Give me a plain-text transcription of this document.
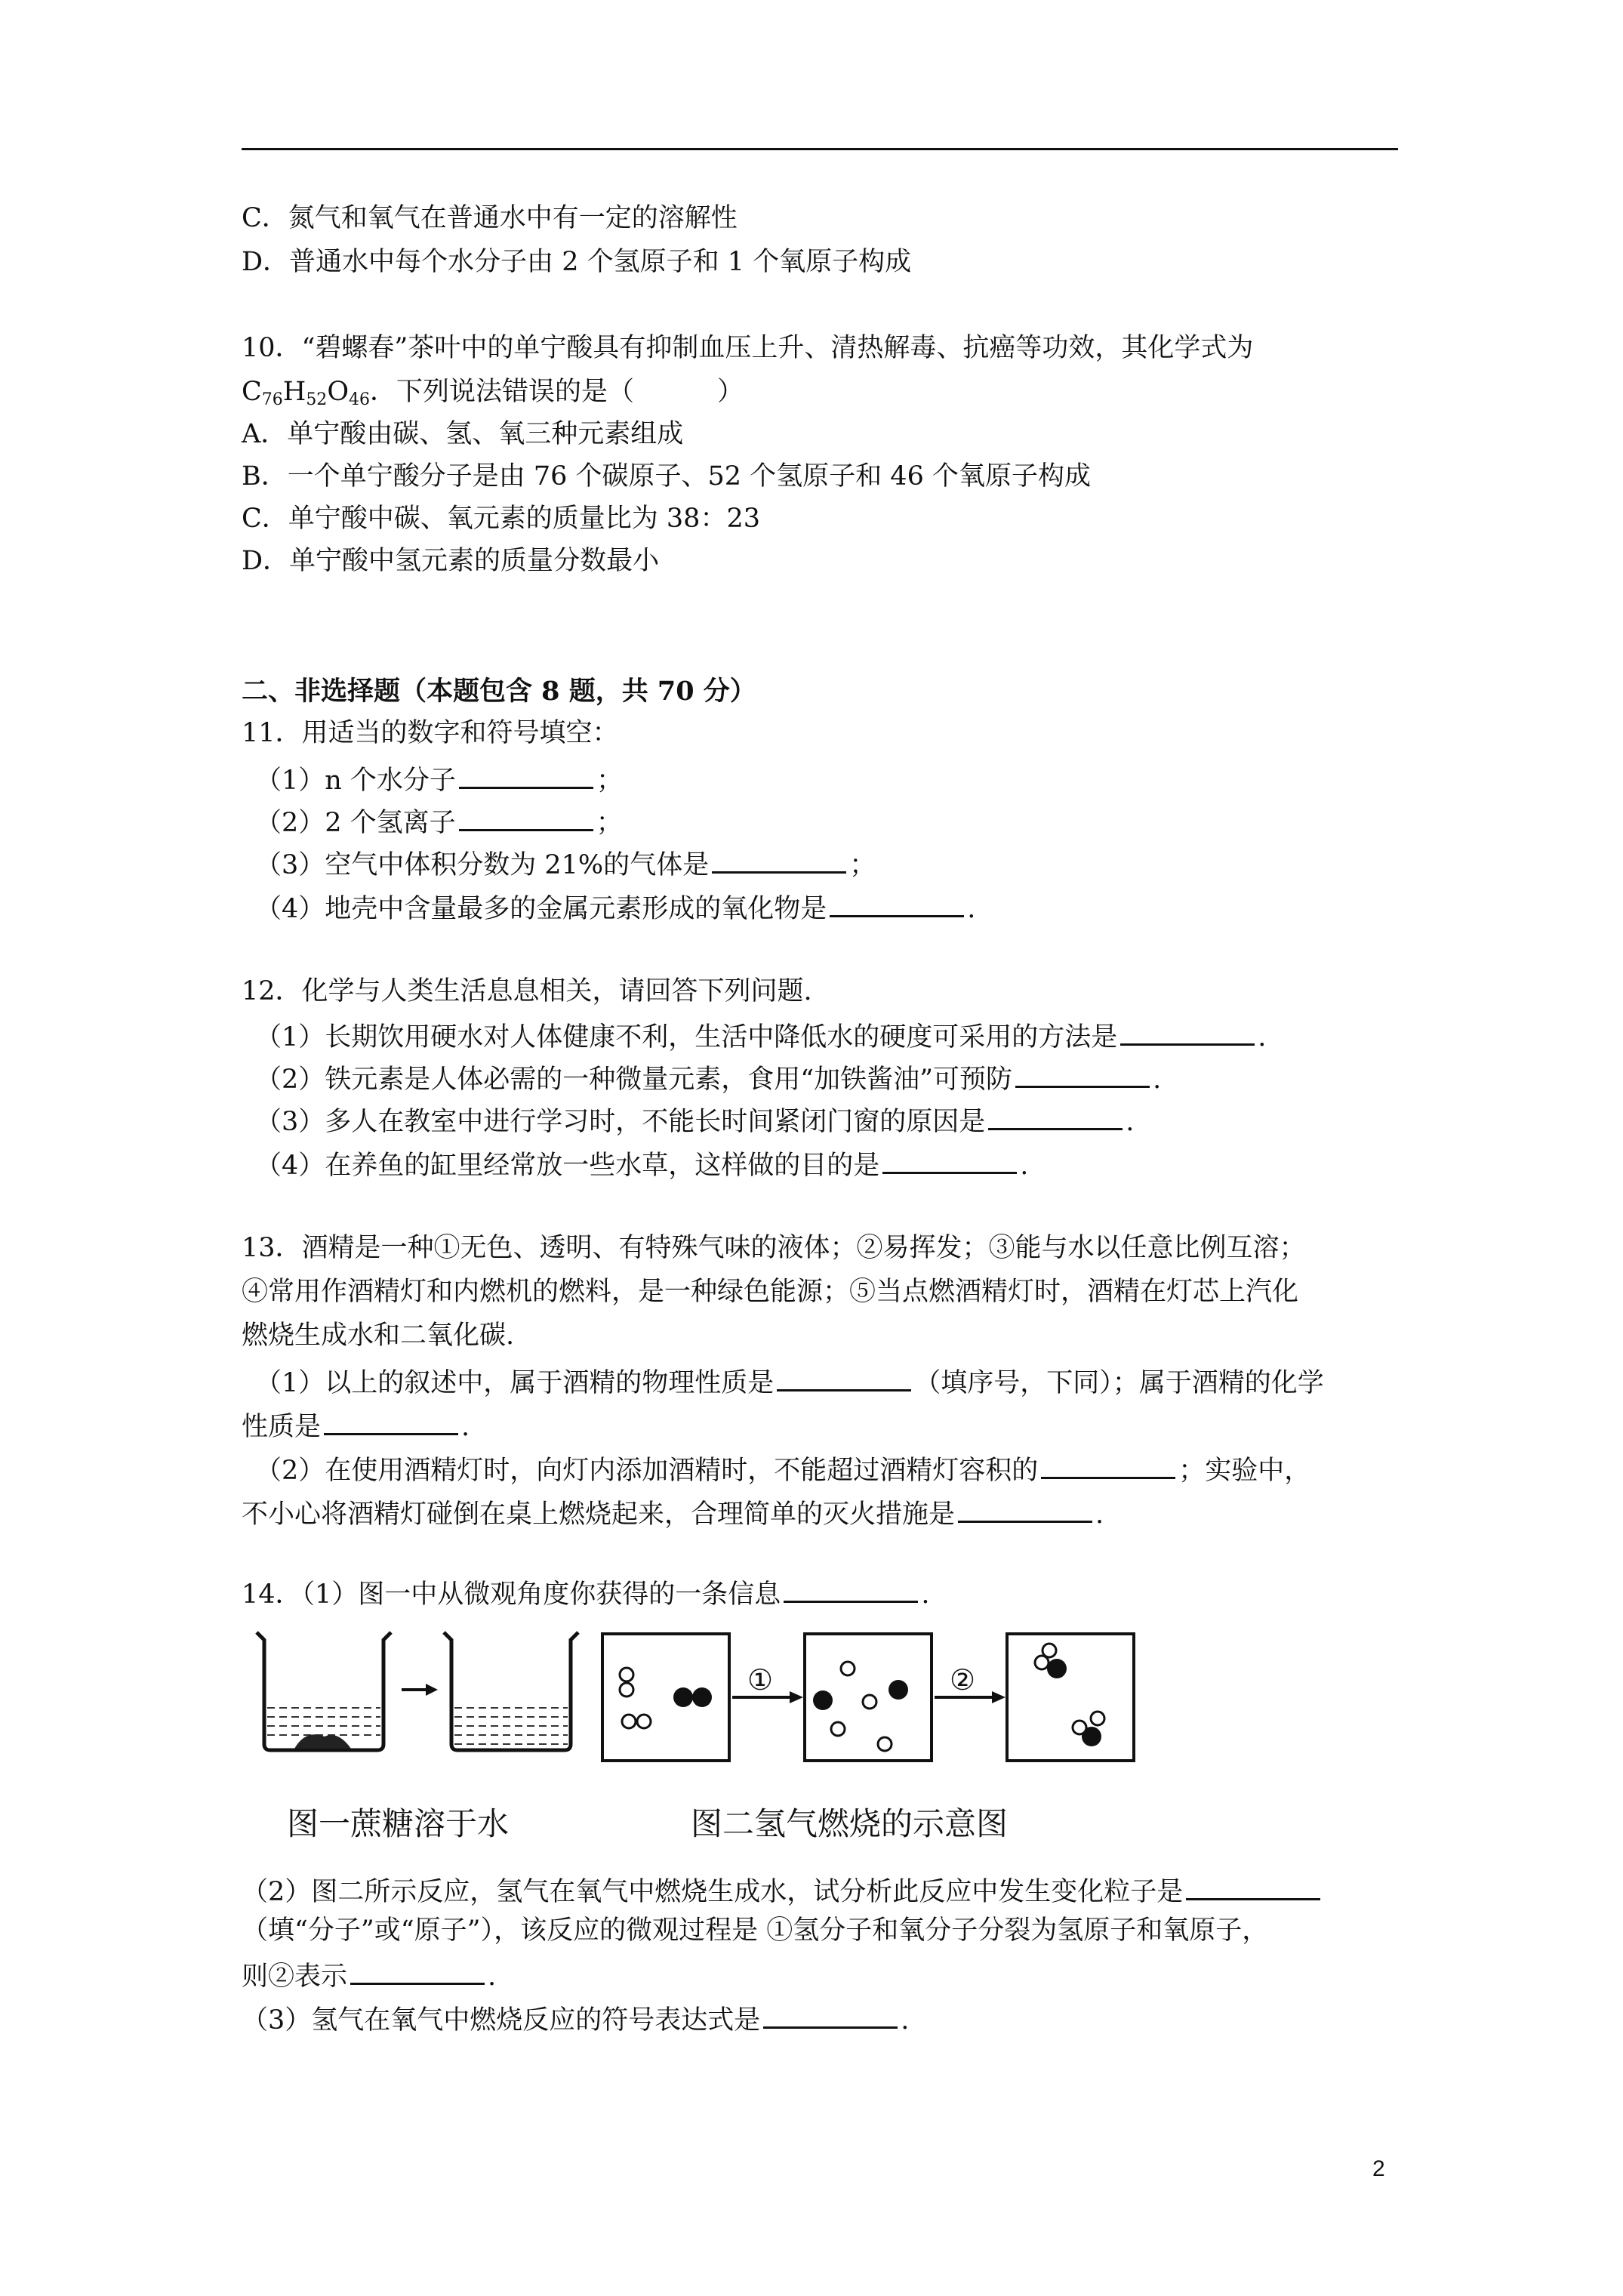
C．氮气和氧气在普通水中有一定的溶解性
D．普通水中每个水分子由 2 个氢原子和 1 个氧原子构成
10．“碧螺春”茶叶中的单宁酸具有抑制血压上升、清热解毒、抗癌等功效，其化学式为
$C_{76}H_{52}O_{46}$．下列说法错误的是（	）
A．单宁酸由碳、氢、氧三种元素组成
B．一个单宁酸分子是由 76 个碳原子、52 个氢原子和 46 个氧原子构成
C．单宁酸中碳、氧元素的质量比为 38：23
D．单宁酸中氢元素的质量分数最小
二、非选择题（本题包含 8 题，共 70 分）
11．用适当的数字和符号填空：
（1）n 个水分子	；
（2）2 个氢离子	；
（3）空气中体积分数为 21%的气体是	；
（4）地壳中含量最多的金属元素形成的氧化物是	.
12．化学与人类生活息息相关，请回答下列问题.
（1）长期饮用硬水对人体健康不利，生活中降低水的硬度可采用的方法是	.
（2）铁元素是人体必需的一种微量元素，食用“加铁酱油”可预防	.
（3）多人在教室中进行学习时，不能长时间紧闭门窗的原因是	.
（4）在养鱼的缸里经常放一些水草，这样做的目的是	.
13．酒精是一种①无色、透明、有特殊气味的液体；②易挥发；③能与水以任意比例互溶；
④常用作酒精灯和内燃机的燃料，是一种绿色能源；⑤当点燃酒精灯时，酒精在灯芯上汽化
燃烧生成水和二氧化碳.
（1）以上的叙述中，属于酒精的物理性质是	（填序号，下同）；属于酒精的化学
性质是	.
（2）在使用酒精灯时，向灯内添加酒精时，不能超过酒精灯容积的	；实验中，
不小心将酒精灯碰倒在桌上燃烧起来，合理简单的灭火措施是	.
14．（1）图一中从微观角度你获得的一条信息	.
图一蔗糖溶于水
①	②
图二氢气燃烧的示意图
（2）图二所示反应，氢气在氧气中燃烧生成水，试分析此反应中发生变化粒子是
（填“分子”或“原子”），该反应的微观过程是 ①氢分子和氧分子分裂为氢原子和氧原子，
则②表示	.
（3）氢气在氧气中燃烧反应的符号表达式是	.
2
